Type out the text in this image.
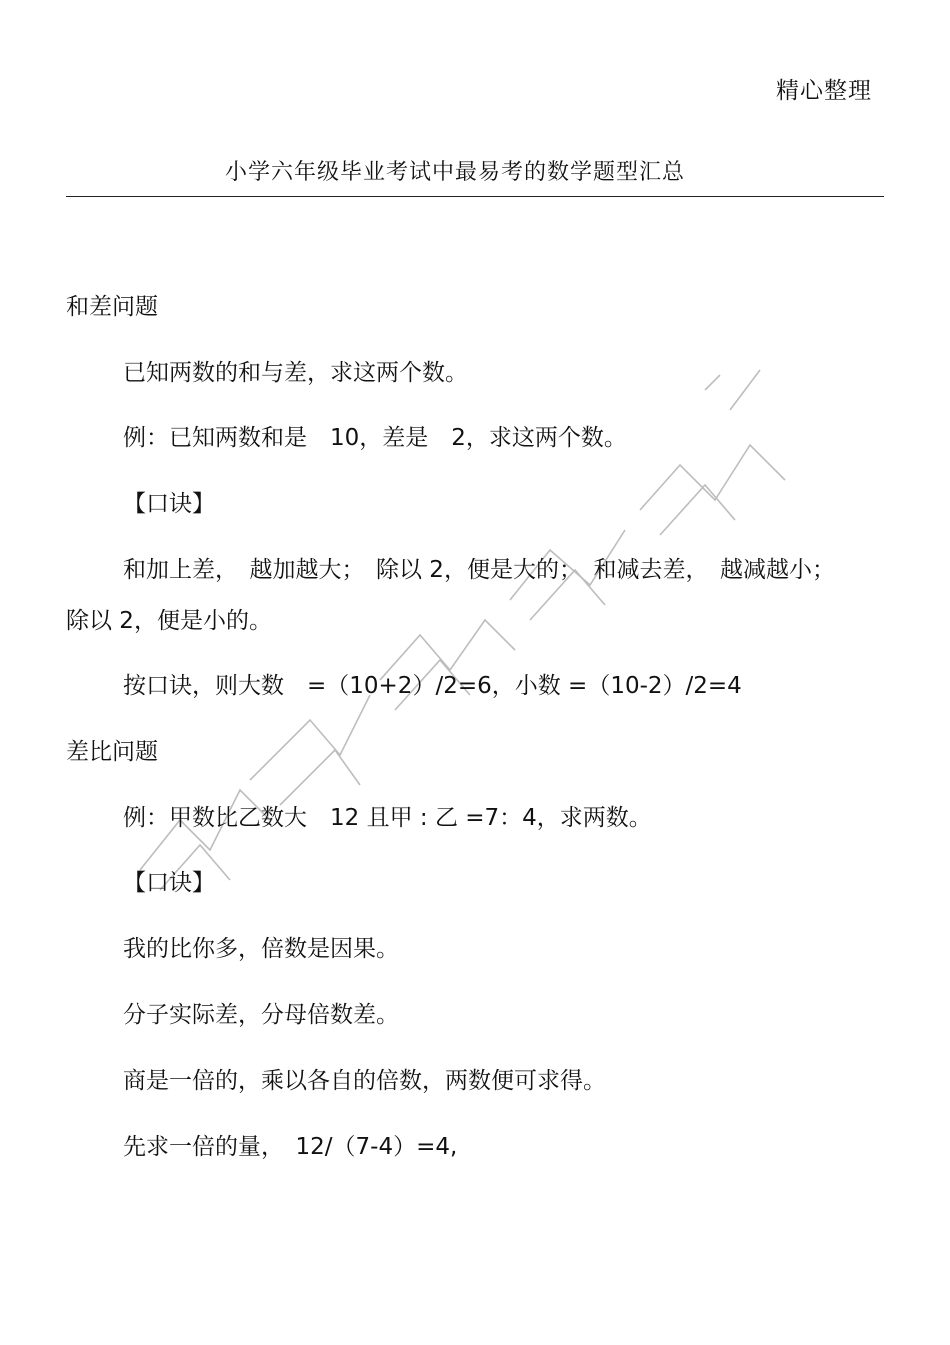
精心整理
小学六年级毕业考试中最易考的数学题型汇总
和差问题
已知两数的和与差，求这两个数。
例：已知两数和是　10，差是　2，求这两个数。
【口诀】
和加上差，　越加越大；　除以 2，便是大的；　和减去差，　越减越小；
除以 2，便是小的。
按口诀，则大数　=（10+2）/2=6，小数 =（10-2）/2=4
差比问题
例：甲数比乙数大　12 且甲 : 乙 =7：4，求两数。
【口诀】
我的比你多，倍数是因果。
分子实际差，分母倍数差。
商是一倍的，乘以各自的倍数，两数便可求得。
先求一倍的量，　12/（7-4）=4,
